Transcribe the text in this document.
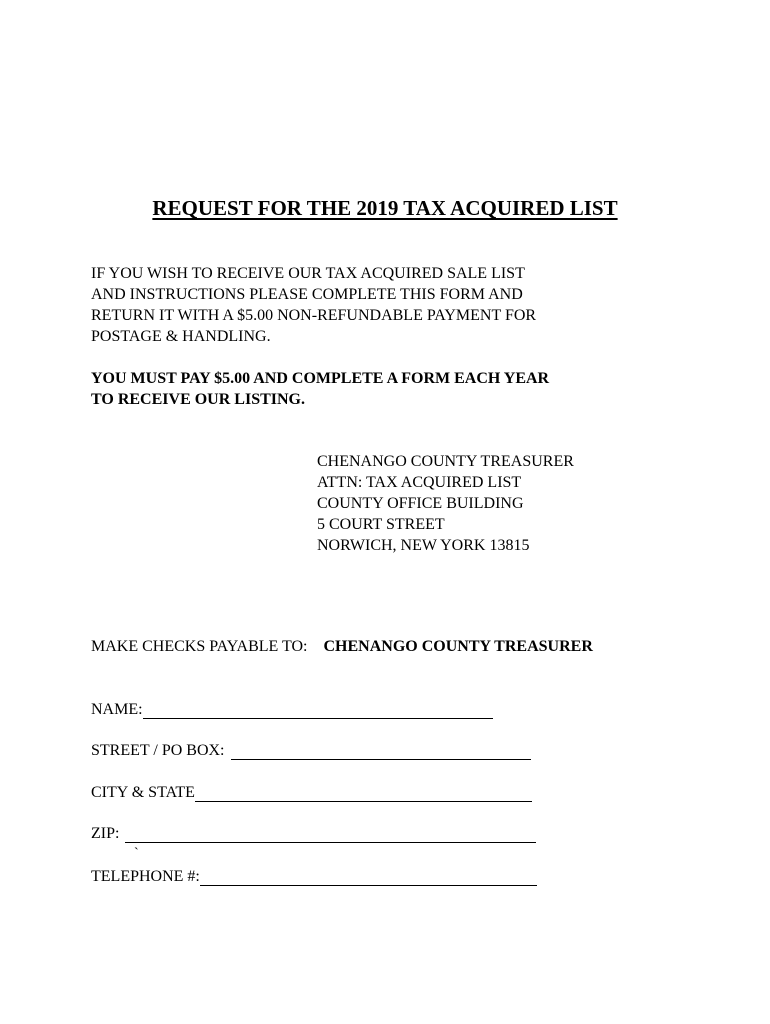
REQUEST FOR THE 2019 TAX ACQUIRED LIST
IF YOU WISH TO RECEIVE OUR TAX ACQUIRED SALE LIST
AND INSTRUCTIONS PLEASE COMPLETE THIS FORM AND
RETURN IT WITH A $5.00 NON-REFUNDABLE PAYMENT FOR
POSTAGE & HANDLING.
YOU MUST PAY $5.00 AND COMPLETE A FORM EACH YEAR
TO RECEIVE OUR LISTING.
CHENANGO COUNTY TREASURER
ATTN: TAX ACQUIRED LIST
COUNTY OFFICE BUILDING
5 COURT STREET
NORWICH, NEW YORK 13815
MAKE CHECKS PAYABLE TO: CHENANGO COUNTY TREASURER
NAME:
STREET / PO BOX:
CITY & STATE
ZIP:
`
TELEPHONE #:
